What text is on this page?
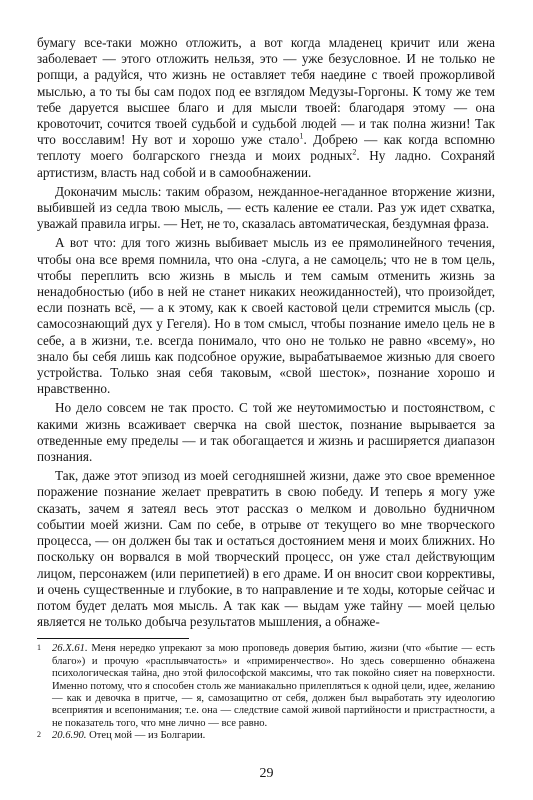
бумагу все-таки можно отложить, а вот когда младенец кричит или жена заболевает — этого отложить нельзя, это — уже безусловное. И не только не ропщи, а радуйся, что жизнь не оставляет тебя наедине с твоей прожорливой мыслью, а то ты бы сам подох под ее взглядом Медузы-Горгоны. К тому же тем тебе даруется высшее благо и для мысли твоей: благодаря этому — она кровоточит, сочится твоей судьбой и судьбой людей — и так полна жизни! Так что восславим! Ну вот и хорошо уже стало$^1$. Добрею — как когда вспомню теплоту моего болгарского гнезда и моих родных$^2$. Ну ладно. Сохраняй артистизм, власть над собой и в самообнажении.

Доконачим мысль: таким образом, нежданное-негаданное вторжение жизни, выбившей из седла твою мысль, — есть калениe ее стали. Раз уж идет схватка, уважай правила игры. — Нет, не то, сказалась автоматическая, бездумная фраза.

А вот что: для того жизнь выбивает мысль из ее прямолинейного течения, чтобы она все время помнила, что она -слуга, а не самоцель; что не в том цель, чтобы переплить всю жизнь в мысль и тем самым отменить жизнь за ненадобностью (ибо в ней не станет никаких неожиданностей), что произойдет, если познать всё, — а к этому, как к своей кастовой цели стремится мысль (ср. самосознающий дух у Гегеля). Но в том смысл, чтобы познание имело цель не в себе, а в жизни, т.е. всегда понимало, что оно не только не равно «всему», но знало бы себя лишь как подсобное оружие, вырабатываемое жизнью для своего устройства. Только зная себя таковым, «свой шесток», познание хорошо и нравственно.

Но дело совсем не так просто. С той же неутомимостью и постоянством, с какими жизнь всаживает сверчка на свой шесток, познание вырывается за отведенные ему пределы — и так обогащается и жизнь и расширяется диапазон познания.

Так, даже этот эпизод из моей сегодняшней жизни, даже это свое временное поражение познание желает превратить в свою победу. И теперь я могу уже сказать, зачем я затеял весь этот рассказ о мелком и довольно будничном событии моей жизни. Сам по себе, в отрыве от текущего во мне творческого процесса, — он должен бы так и остаться достоянием меня и моих ближних. Но поскольку он ворвался в мой творческий процесс, он уже стал действующим лицом, персонажем (или перипетией) в его драме. И он вносит свои коррективы, и очень существенные и глубокие, в то направление и те ходы, которые сейчас и потом будет делать моя мысль. А так как — выдам уже тайну — моей целью является не только добыча результатов мышления, а обнаже-

1 26.X.61. Меня нередко упрекают за мою проповедь доверия бытию, жизни (что «бытие — есть благо») и прочую «расплывчатость» и «примиренчество». Но здесь совершенно обнажена психологическая тайна, дно этой философской максимы, что так покойно сияет на поверхности. Именно потому, что я способен столь же маниакально прилепляться к одной цели, идее, желанию — как и девочка в притче, — я, самозащитно от себя, должен был выработать эту идеологию всеприятия и всепонимания; т.е. она — следствие самой живой партийности и пристрастности, а не показатель того, что мне лично — все равно.

2 20.6.90. Отец мой — из Болгарии.

29
